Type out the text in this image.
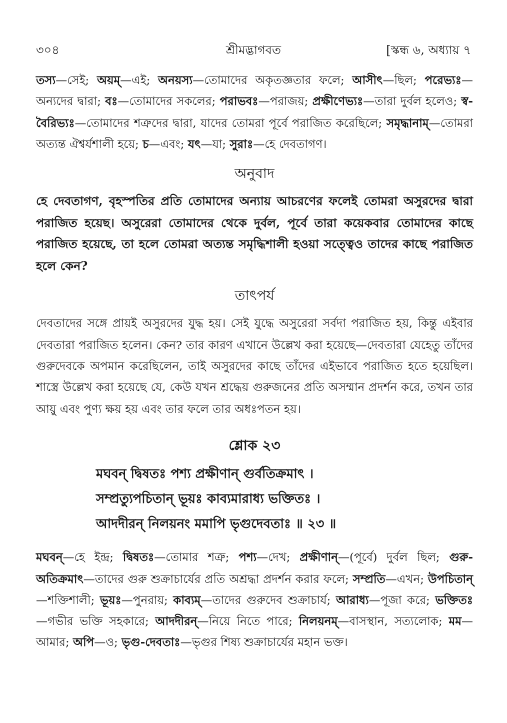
৩০৪	শ্রীমদ্ভাগবত	[স্কন্ধ ৬, অধ্যায় ৭

তস্য—সেই; অয়ম্—এই; অনয়স্য—তোমাদের অকৃতজ্ঞতার ফলে; আসীৎ—ছিল; পরেভ্যঃ—অন্যদের দ্বারা; বঃ—তোমাদের সকলের; পরাভবঃ—পরাজয়; প্রক্ষীণেভ্যঃ—তারা দুর্বল হলেও; স্ব-বৈরিভ্যঃ—তোমাদের শত্রুদের দ্বারা, যাদের তোমরা পূর্বে পরাজিত করেছিলে; সমৃদ্ধানাম্—তোমরা অত্যন্ত ঐশ্বর্যশালী হয়ে; চ—এবং; যৎ—যা; সুরাঃ—হে দেবতাগণ।

অনুবাদ

হে দেবতাগণ, বৃহস্পতির প্রতি তোমাদের অন্যায় আচরণের ফলেই তোমরা অসুরদের দ্বারা পরাজিত হয়েছ। অসুরেরা তোমাদের থেকে দুর্বল, পূর্বে তারা কয়েকবার তোমাদের কাছে পরাজিত হয়েছে, তা হলে তোমরা অত্যন্ত সমৃদ্ধিশালী হওয়া সত্ত্বেও তাদের কাছে পরাজিত হলে কেন?

তাৎপর্য

দেবতাদের সঙ্গে প্রায়ই অসুরদের যুদ্ধ হয়। সেই যুদ্ধে অসুরেরা সর্বদা পরাজিত হয়, কিন্তু এইবার দেবতারা পরাজিত হলেন। কেন? তার কারণ এখানে উল্লেখ করা হয়েছে—দেবতারা যেহেতু তাঁদের গুরুদেবকে অপমান করেছিলেন, তাই অসুরদের কাছে তাঁদের এইভাবে পরাজিত হতে হয়েছিল। শাস্ত্রে উল্লেখ করা হয়েছে যে, কেউ যখন শ্রদ্ধেয় গুরুজনের প্রতি অসম্মান প্রদর্শন করে, তখন তার আয়ু এবং পুণ্য ক্ষয় হয় এবং তার ফলে তার অধঃপতন হয়।

শ্লোক ২৩
মঘবন্ দ্বিষতঃ পশ্য প্রক্ষীণান্ গুর্বতিক্রমাৎ ।
সম্প্রত্যুপচিতান্ ভূয়ঃ কাব্যমারাধ্য ভক্তিতঃ ।
আদদীরন্ নিলয়নং মমাপি ভৃগুদেবতাঃ ॥ ২৩ ॥

মঘবন্—হে ইন্দ্র; দ্বিষতঃ—তোমার শত্রু; পশ্য—দেখ; প্রক্ষীণান্—(পূর্বে) দুর্বল ছিল; গুরু-অতিক্রমাৎ—তাদের গুরু শুক্রাচার্যের প্রতি অশ্রদ্ধা প্রদর্শন করার ফলে; সম্প্রতি—এখন; উপচিতান্—শক্তিশালী; ভূয়ঃ—পুনরায়; কাব্যম্—তাদের গুরুদেব শুক্রাচার্য; আরাধ্য—পূজা করে; ভক্তিতঃ—গভীর ভক্তি সহকারে; আদদীরন্—নিয়ে নিতে পারে; নিলয়নম্—বাসস্থান, সত্যলোক; মম—আমার; অপি—ও; ভৃগু-দেবতাঃ—ভৃগুর শিষ্য শুক্রাচার্যের মহান ভক্ত।
